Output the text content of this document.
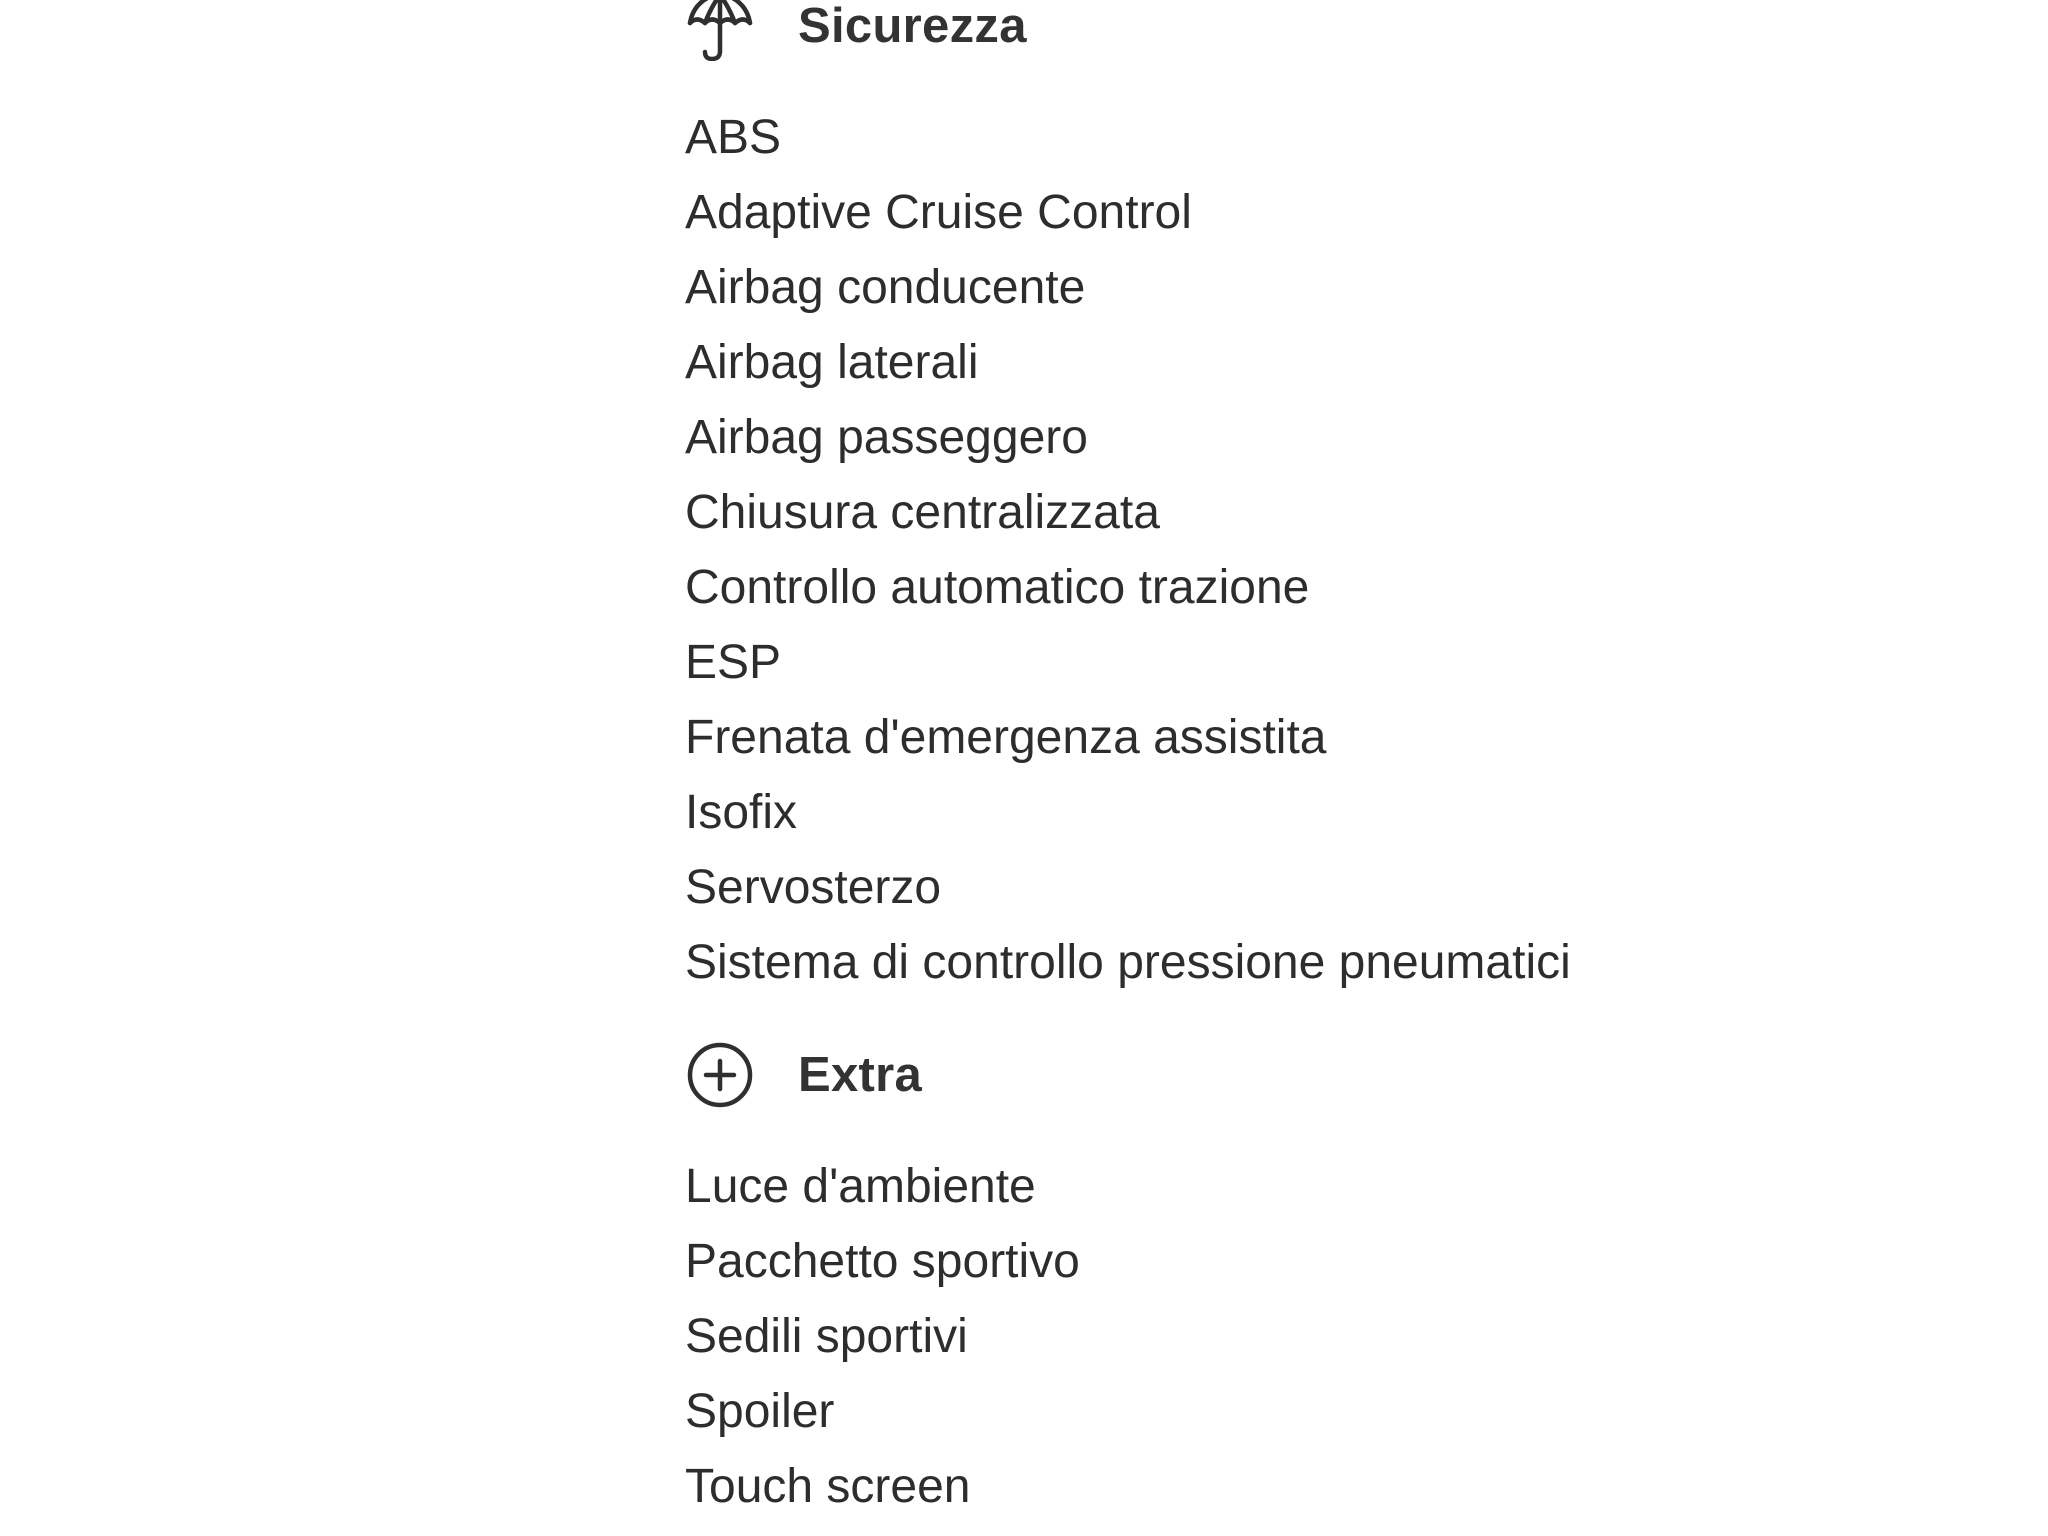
Sicurezza
ABS
Adaptive Cruise Control
Airbag conducente
Airbag laterali
Airbag passeggero
Chiusura centralizzata
Controllo automatico trazione
ESP
Frenata d'emergenza assistita
Isofix
Servosterzo
Sistema di controllo pressione pneumatici
Extra
Luce d'ambiente
Pacchetto sportivo
Sedili sportivi
Spoiler
Touch screen
